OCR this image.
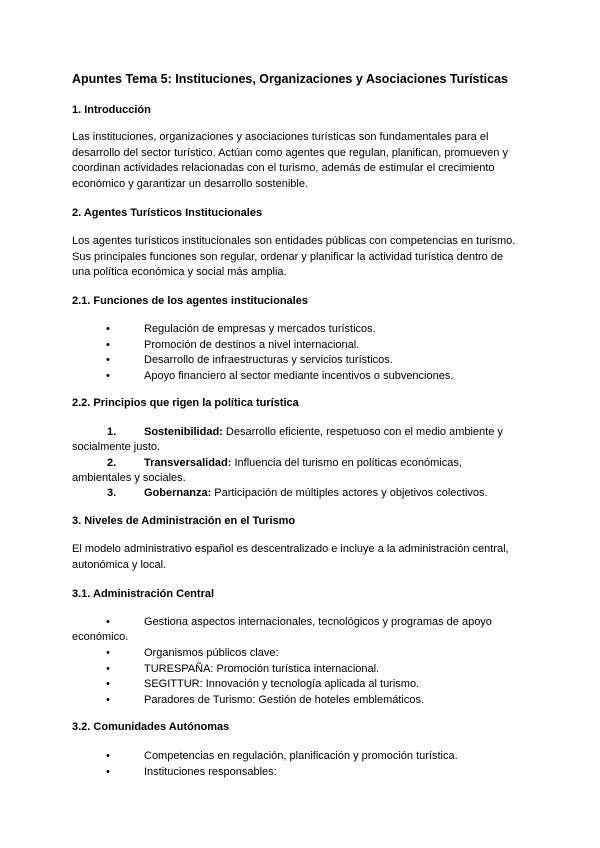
Apuntes Tema 5: Instituciones, Organizaciones y Asociaciones Turísticas
1. Introducción
Las instituciones, organizaciones y asociaciones turísticas son fundamentales para el
desarrollo del sector turístico. Actúan como agentes que regulan, planifican, promueven y
coordinan actividades relacionadas con el turismo, además de estimular el crecimiento
económico y garantizar un desarrollo sostenible.
2. Agentes Turísticos Institucionales
Los agentes turísticos institucionales son entidades públicas con competencias en turismo.
Sus principales funciones son regular, ordenar y planificar la actividad turística dentro de
una política económica y social más amplia.
2.1. Funciones de los agentes institucionales
•	Regulación de empresas y mercados turísticos.
•	Promoción de destinos a nivel internacional.
•	Desarrollo de infraestructuras y servicios turísticos.
•	Apoyo financiero al sector mediante incentivos o subvenciones.
2.2. Principios que rigen la política turística
1.	Sostenibilidad: Desarrollo eficiente, respetuoso con el medio ambiente y
socialmente justo.
2.	Transversalidad: Influencia del turismo en políticas económicas,
ambientales y sociales.
3.	Gobernanza: Participación de múltiples actores y objetivos colectivos.
3. Niveles de Administración en el Turismo
El modelo administrativo español es descentralizado e incluye a la administración central,
autonómica y local.
3.1. Administración Central
•	Gestiona aspectos internacionales, tecnológicos y programas de apoyo
económico.
•	Organismos públicos clave:
•	TURESPAÑA: Promoción turística internacional.
•	SEGITTUR: Innovación y tecnología aplicada al turismo.
•	Paradores de Turismo: Gestión de hoteles emblemáticos.
3.2. Comunidades Autónomas
•	Competencias en regulación, planificación y promoción turística.
•	Instituciones responsables:
